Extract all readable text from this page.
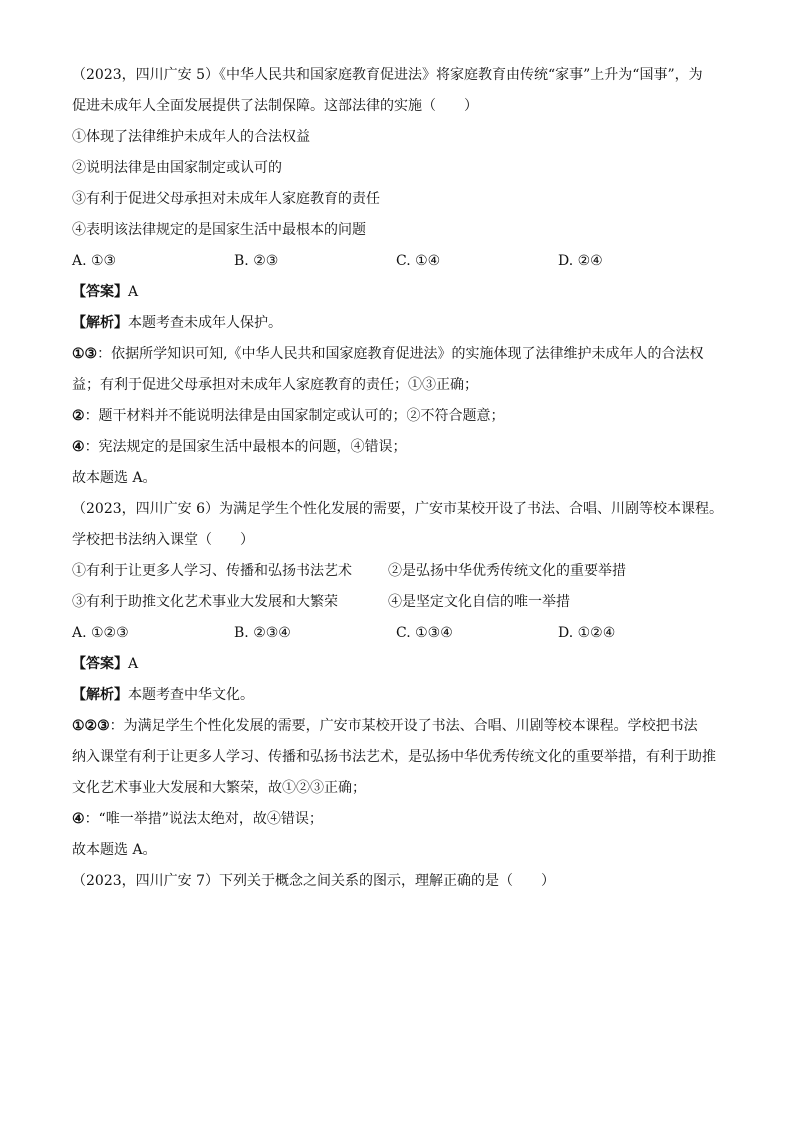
（2023，四川广安 5）《中华人民共和国家庭教育促进法》将家庭教育由传统“家事”上升为“国事”，为
促进未成年人全面发展提供了法制保障。这部法律的实施（　　）
①体现了法律维护未成年人的合法权益
②说明法律是由国家制定或认可的
③有利于促进父母承担对未成年人家庭教育的责任
④表明该法律规定的是国家生活中最根本的问题
A. ①③	B. ②③	C. ①④	D. ②④
【答案】A
【解析】本题考查未成年人保护。
①③：依据所学知识可知,《中华人民共和国家庭教育促进法》的实施体现了法律维护未成年人的合法权
益；有利于促进父母承担对未成年人家庭教育的责任；①③正确；
②：题干材料并不能说明法律是由国家制定或认可的；②不符合题意；
④：宪法规定的是国家生活中最根本的问题，④错误；
故本题选 A。
（2023，四川广安 6）为满足学生个性化发展的需要，广安市某校开设了书法、合唱、川剧等校本课程。
学校把书法纳入课堂（　　）
①有利于让更多人学习、传播和弘扬书法艺术	②是弘扬中华优秀传统文化的重要举措
③有利于助推文化艺术事业大发展和大繁荣	④是坚定文化自信的唯一举措
A. ①②③	B. ②③④	C. ①③④	D. ①②④
【答案】A
【解析】本题考查中华文化。
①②③：为满足学生个性化发展的需要，广安市某校开设了书法、合唱、川剧等校本课程。学校把书法
纳入课堂有利于让更多人学习、传播和弘扬书法艺术，是弘扬中华优秀传统文化的重要举措，有利于助推
文化艺术事业大发展和大繁荣，故①②③正确；
④：“唯一举措”说法太绝对，故④错误；
故本题选 A。
（2023，四川广安 7）下列关于概念之间关系的图示，理解正确的是（　　）
